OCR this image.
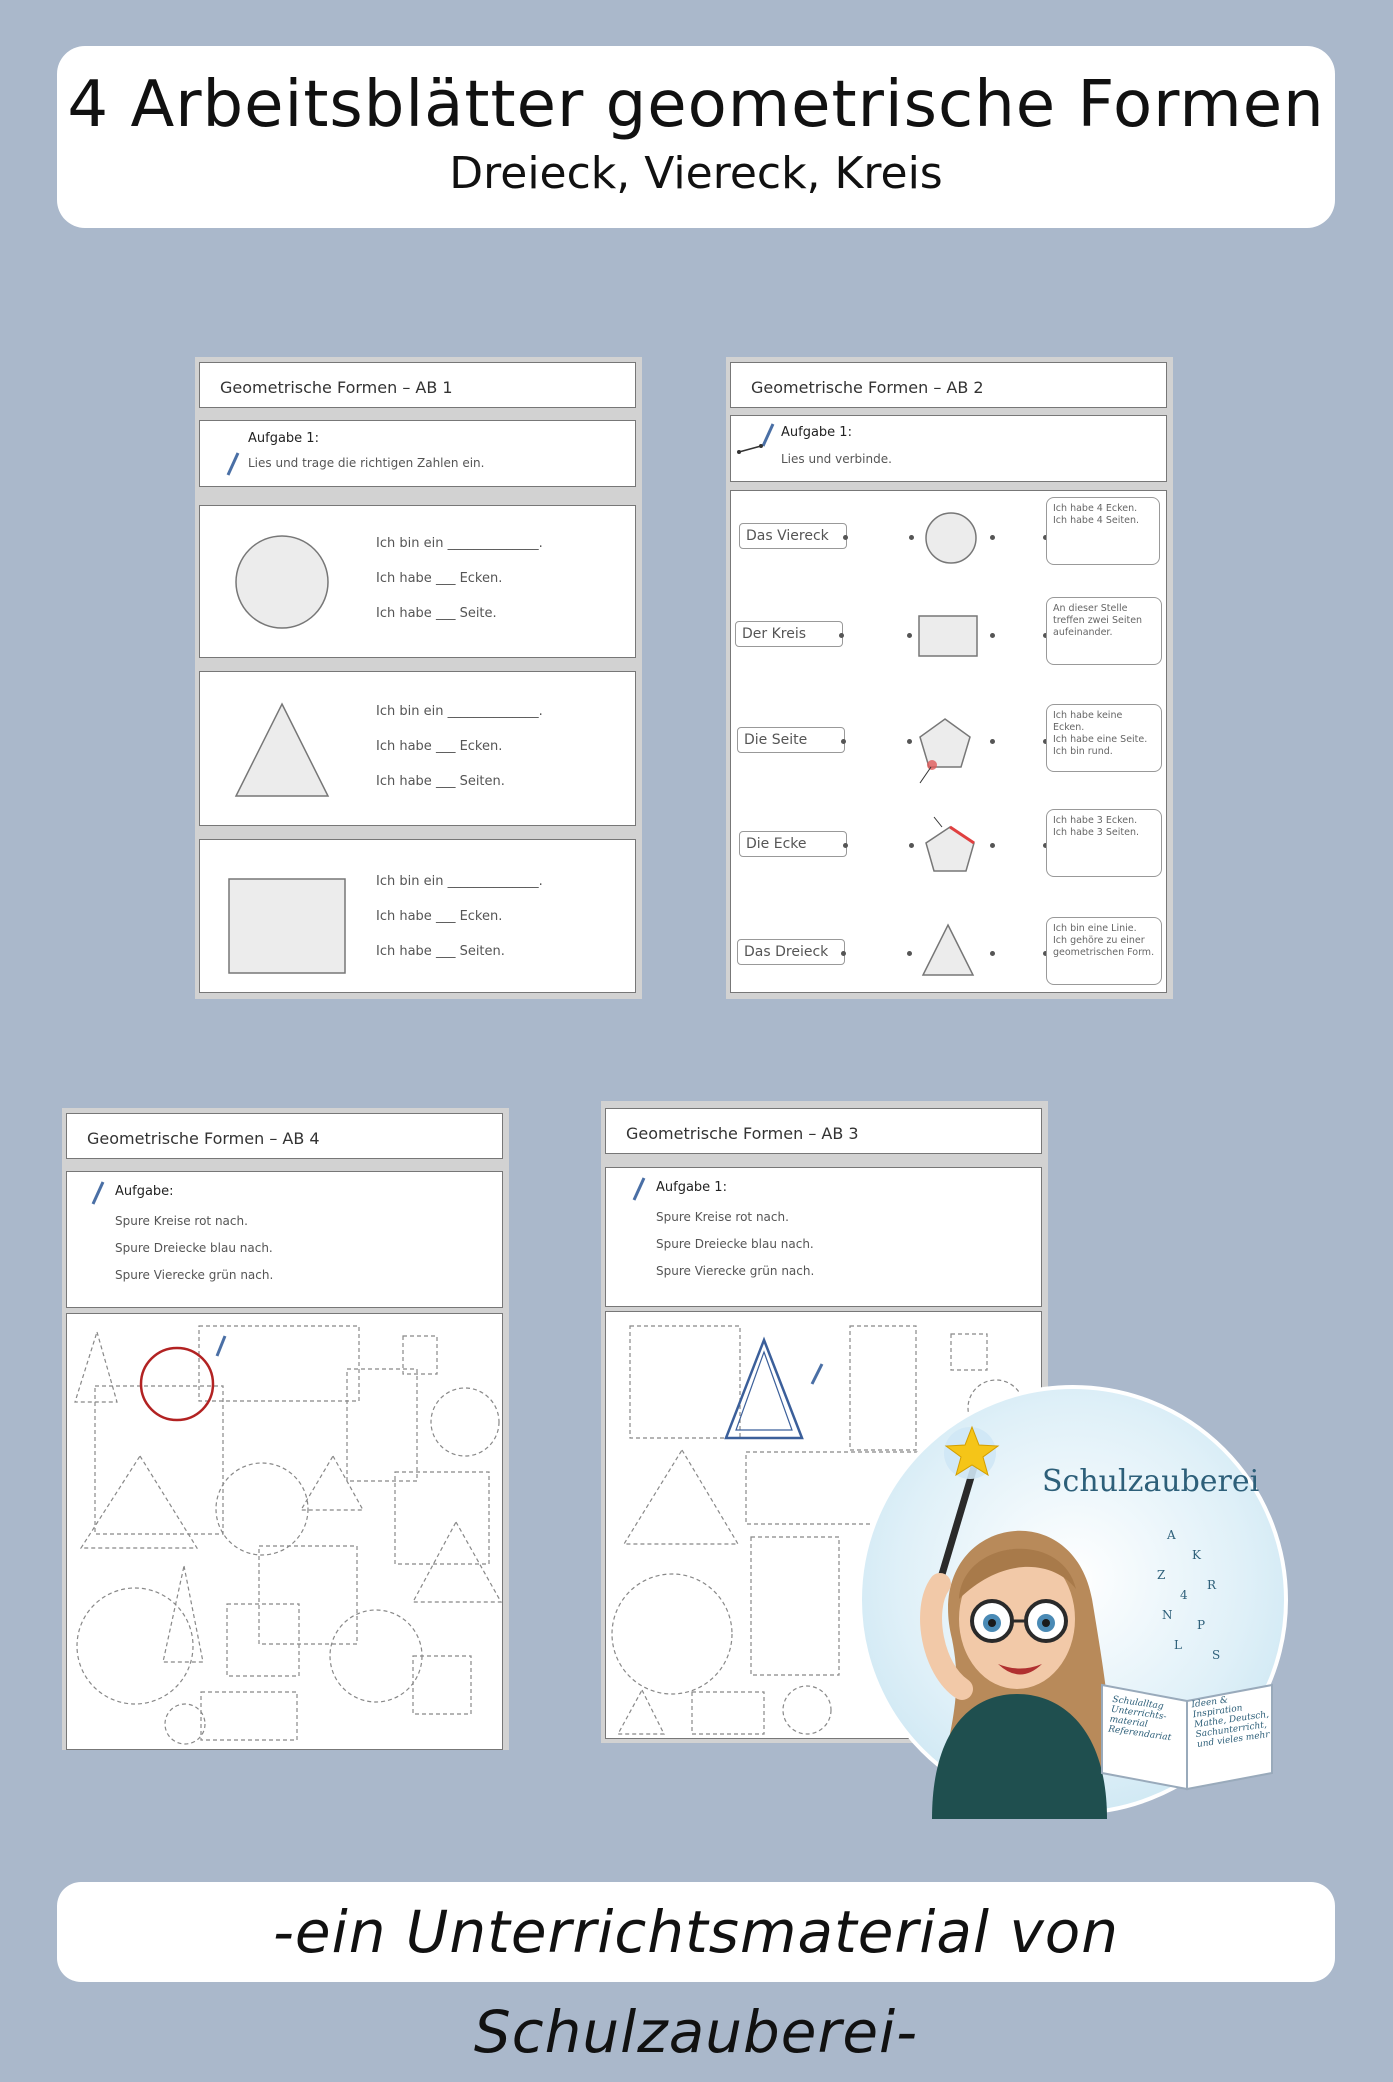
4 Arbeitsblätter geometrische Formen
Dreieck, Viereck, Kreis
Geometrische Formen – AB 1
Aufgabe 1:
Lies und trage die richtigen Zahlen ein.
Ich bin ein ______________.
Ich habe ___ Ecken.
Ich habe ___ Seite.
Ich bin ein ______________.
Ich habe ___ Ecken.
Ich habe ___ Seiten.
Ich bin ein ______________.
Ich habe ___ Ecken.
Ich habe ___ Seiten.
Geometrische Formen – AB 2
Aufgabe 1:
Lies und verbinde.
Das Viereck
Ich habe 4 Ecken.
Ich habe 4 Seiten.
Der Kreis
An dieser Stelle
treffen zwei Seiten
aufeinander.
Die Seite
Ich habe keine Ecken.
Ich habe eine Seite.
Ich bin rund.
Die Ecke
Ich habe 3 Ecken.
Ich habe 3 Seiten.
Das Dreieck
Ich bin eine Linie.
Ich gehöre zu einer
geometrischen Form.
Geometrische Formen – AB 4
Aufgabe:
Spure Kreise rot nach.
Spure Dreiecke blau nach.
Spure Vierecke grün nach.
Geometrische Formen – AB 3
Aufgabe 1:
Spure Kreise rot nach.
Spure Dreiecke blau nach.
Spure Vierecke grün nach.
Schulzauberei
A
K
Z
4
R
N
P
L
S
Schulalltag
Unterrichts-
material
Referendariat
Ideen &
Inspiration
Mathe, Deutsch,
Sachunterricht,
und vieles mehr
-ein Unterrichtsmaterial von Schulzauberei-
